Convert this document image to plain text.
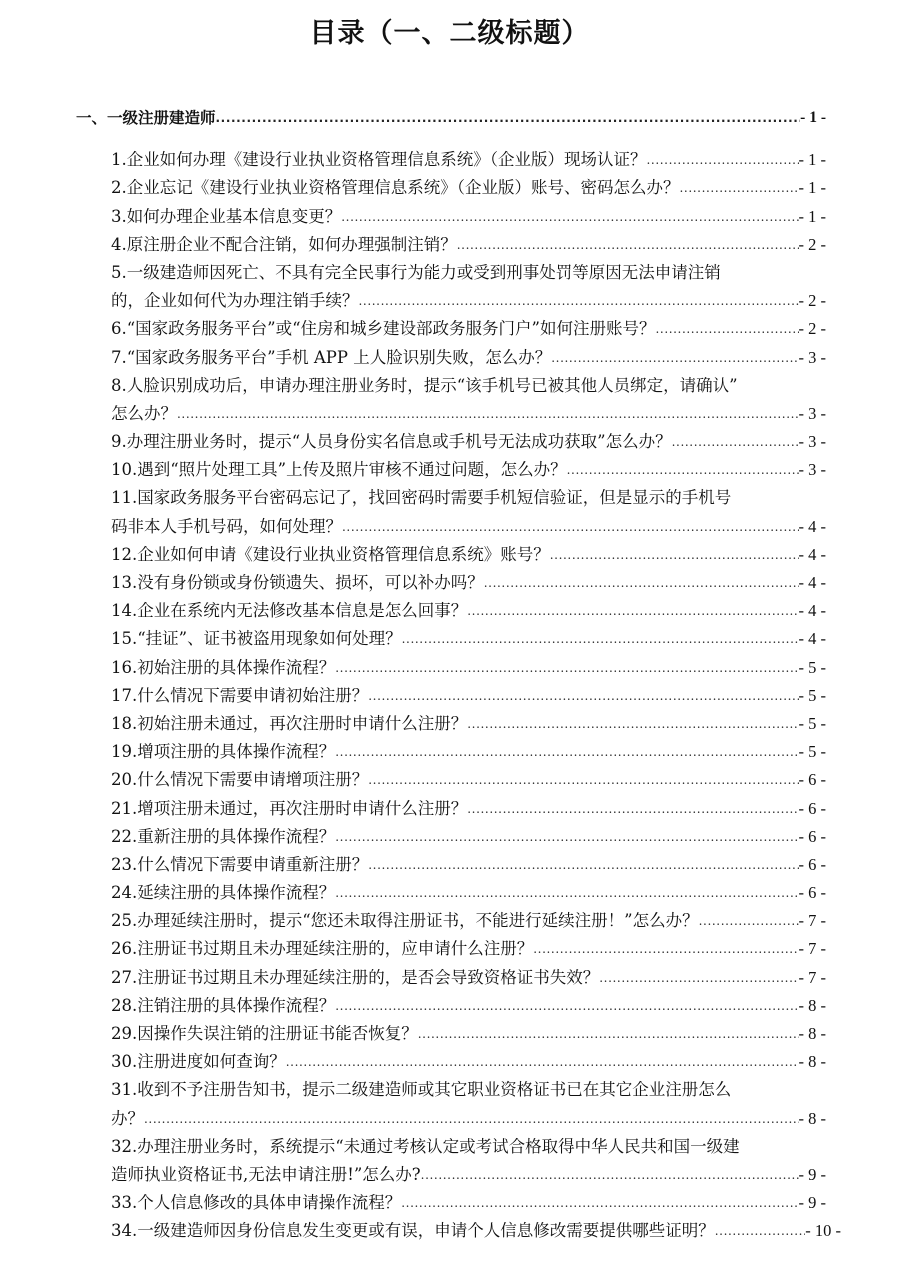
目录（一、二级标题）
一、一级注册建造师 .....	- 1 -
1.企业如何办理《建设行业执业资格管理信息系统》（企业版）现场认证？ .....	- 1 -
2.企业忘记《建设行业执业资格管理信息系统》（企业版）账号、密码怎么办？ .....	- 1 -
3.如何办理企业基本信息变更？ .....	- 1 -
4.原注册企业不配合注销，如何办理强制注销？ .....	- 2 -
5.一级建造师因死亡、不具有完全民事行为能力或受到刑事处罚等原因无法申请注销
的，企业如何代为办理注销手续？ .....	- 2 -
6.“国家政务服务平台”或“住房和城乡建设部政务服务门户”如何注册账号？ .....	- 2 -
7.“国家政务服务平台”手机 APP 上人脸识别失败，怎么办？ .....	- 3 -
8.人脸识别成功后，申请办理注册业务时，提示“该手机号已被其他人员绑定，请确认”
怎么办？ .....	- 3 -
9.办理注册业务时，提示“人员身份实名信息或手机号无法成功获取”怎么办？ .....	- 3 -
10.遇到“照片处理工具”上传及照片审核不通过问题，怎么办？ .....	- 3 -
11.国家政务服务平台密码忘记了，找回密码时需要手机短信验证，但是显示的手机号
码非本人手机号码，如何处理？ .....	- 4 -
12.企业如何申请《建设行业执业资格管理信息系统》账号？ .....	- 4 -
13.没有身份锁或身份锁遗失、损坏，可以补办吗？ .....	- 4 -
14.企业在系统内无法修改基本信息是怎么回事？ .....	- 4 -
15.“挂证”、证书被盗用现象如何处理？ .....	- 4 -
16.初始注册的具体操作流程？ .....	- 5 -
17.什么情况下需要申请初始注册？ .....	- 5 -
18.初始注册未通过，再次注册时申请什么注册？ .....	- 5 -
19.增项注册的具体操作流程？ .....	- 5 -
20.什么情况下需要申请增项注册？ .....	- 6 -
21.增项注册未通过，再次注册时申请什么注册？ .....	- 6 -
22.重新注册的具体操作流程？ .....	- 6 -
23.什么情况下需要申请重新注册？ .....	- 6 -
24.延续注册的具体操作流程？ .....	- 6 -
25.办理延续注册时，提示“您还未取得注册证书，不能进行延续注册！”怎么办？ .....	- 7 -
26.注册证书过期且未办理延续注册的，应申请什么注册？ .....	- 7 -
27.注册证书过期且未办理延续注册的，是否会导致资格证书失效？ .....	- 7 -
28.注销注册的具体操作流程？ .....	- 8 -
29.因操作失误注销的注册证书能否恢复？ .....	- 8 -
30.注册进度如何查询？ .....	- 8 -
31.收到不予注册告知书，提示二级建造师或其它职业资格证书已在其它企业注册怎么
办？ .....	- 8 -
32.办理注册业务时，系统提示“未通过考核认定或考试合格取得中华人民共和国一级建
造师执业资格证书,无法申请注册!”怎么办? .....	- 9 -
33.个人信息修改的具体申请操作流程？ .....	- 9 -
34.一级建造师因身份信息发生变更或有误，申请个人信息修改需要提供哪些证明？ .....	- 10 -
